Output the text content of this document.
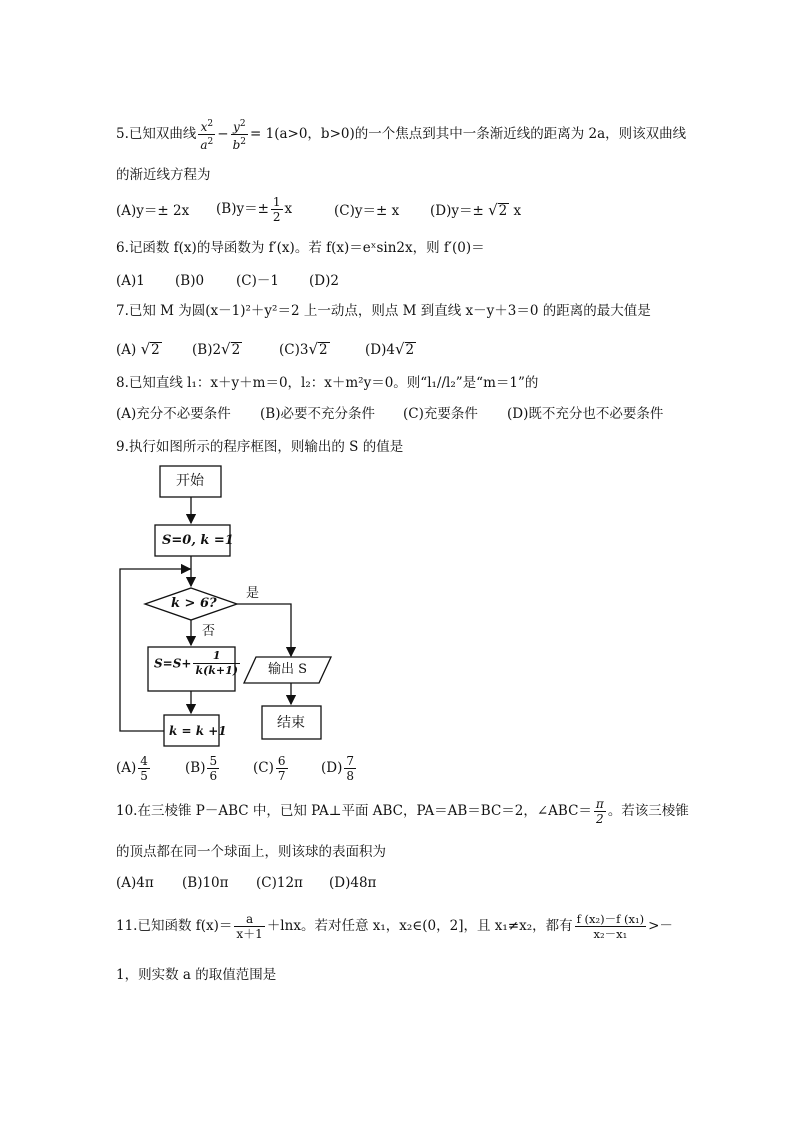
5.已知双曲线 $\frac{x^2}{a^2} - \frac{y^2}{b^2} = 1(a>0$，b>0)的一个焦点到其中一条渐近线的距离为 2a，则该双曲线
的渐近线方程为
(A)y＝± 2x $(B)y=\pm \frac{1}{2}$ x	(C)y＝± x (D)y＝± √2 x
6.记函数 f(x)的导函数为 f′(x)。若 f(x)＝eˣsin2x，则 f′(0)＝
(A)1 (B)0 (C)－1 (D)2
7.已知 M 为圆(x－1)²＋y²＝2 上一动点，则点 M 到直线 x－y＋3＝0 的距离的最大值是
(A) √2 (B)2√2	(C)3√2	(D)4√2
8.已知直线 l₁：x＋y＋m＝0，l₂：x＋m²y＝0。则“l₁//l₂”是“m＝1”的
(A)充分不必要条件 (B)必要不充分条件 (C)充要条件 (D)既不充分也不必要条件
9.执行如图所示的程序框图，则输出的 S 的值是
开始
S=0, k =1
k > 6?
是
否
$S=S+ \frac{1}{k(k+1)}$
k = k +1
输出 S
结束
$(A) \frac{4}{5}$	$(B) \frac{5}{6}$	$(C) \frac{6}{7} (D) \frac{7}{8}$
10.在三棱锥 P－ABC 中，已知 PA⊥平面 ABC，PA＝AB＝BC＝2，∠ABC＝ $\frac{\pi}{2}$ 。若该三棱锥
的顶点都在同一个球面上，则该球的表面积为
(A)4π (B)10π (C)12π (D)48π
11.已知函数 $f(x)= \frac{a}{x+1} +\ln x$。若对任意 x₁，x₂∈(0，2]，且 x₁≠x₂，都有 $\frac{\text{f (x₂)－f (x₁)}}{\text{x₂－x₁}}$ >－
1，则实数 a 的取值范围是
